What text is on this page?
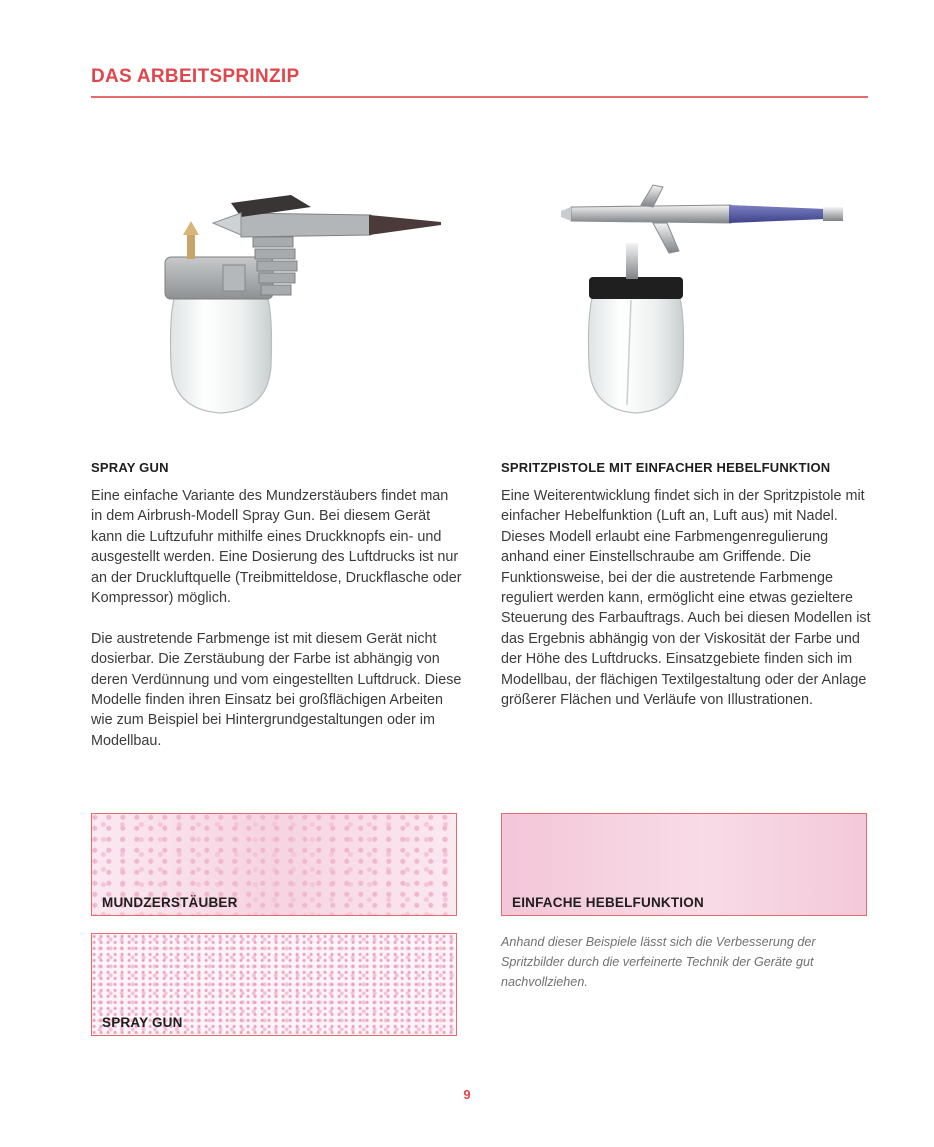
DAS ARBEITSPRINZIP
SPRAY GUN

Eine einfache Variante des Mundzerstäubers findet man in dem Airbrush-Modell Spray Gun. Bei diesem Gerät kann die Luftzufuhr mithilfe eines Druckknopfs ein- und ausgestellt werden. Eine Dosierung des Luftdrucks ist nur an der Druckluftquelle (Treibmitteldose, Druckflasche oder Kompressor) möglich.

Die austretende Farbmenge ist mit diesem Gerät nicht dosierbar. Die Zerstäubung der Farbe ist abhängig von deren Verdünnung und vom eingestellten Luftdruck. Diese Modelle finden ihren Einsatz bei großflächigen Arbeiten wie zum Beispiel bei Hintergrundgestaltungen oder im Modellbau.

SPRITZPISTOLE MIT EINFACHER HEBELFUNKTION

Eine Weiterentwicklung findet sich in der Spritzpistole mit einfacher Hebelfunktion (Luft an, Luft aus) mit Nadel. Dieses Modell erlaubt eine Farbmengenregulierung anhand einer Einstellschraube am Griffende. Die Funktionsweise, bei der die austretende Farbmenge reguliert werden kann, ermöglicht eine etwas gezieltere Steuerung des Farbauftrags. Auch bei diesen Modellen ist das Ergebnis abhängig von der Viskosität der Farbe und der Höhe des Luftdrucks. Einsatzgebiete finden sich im Modellbau, der flächigen Textilgestaltung oder der Anlage größerer Flächen und Verläufe von Illustrationen.

MUNDZERSTÄUBER
SPRAY GUN
EINFACHE HEBELFUNKTION

Anhand dieser Beispiele lässt sich die Verbesserung der Spritzbilder durch die verfeinerte Technik der Geräte gut nachvollziehen.

9
